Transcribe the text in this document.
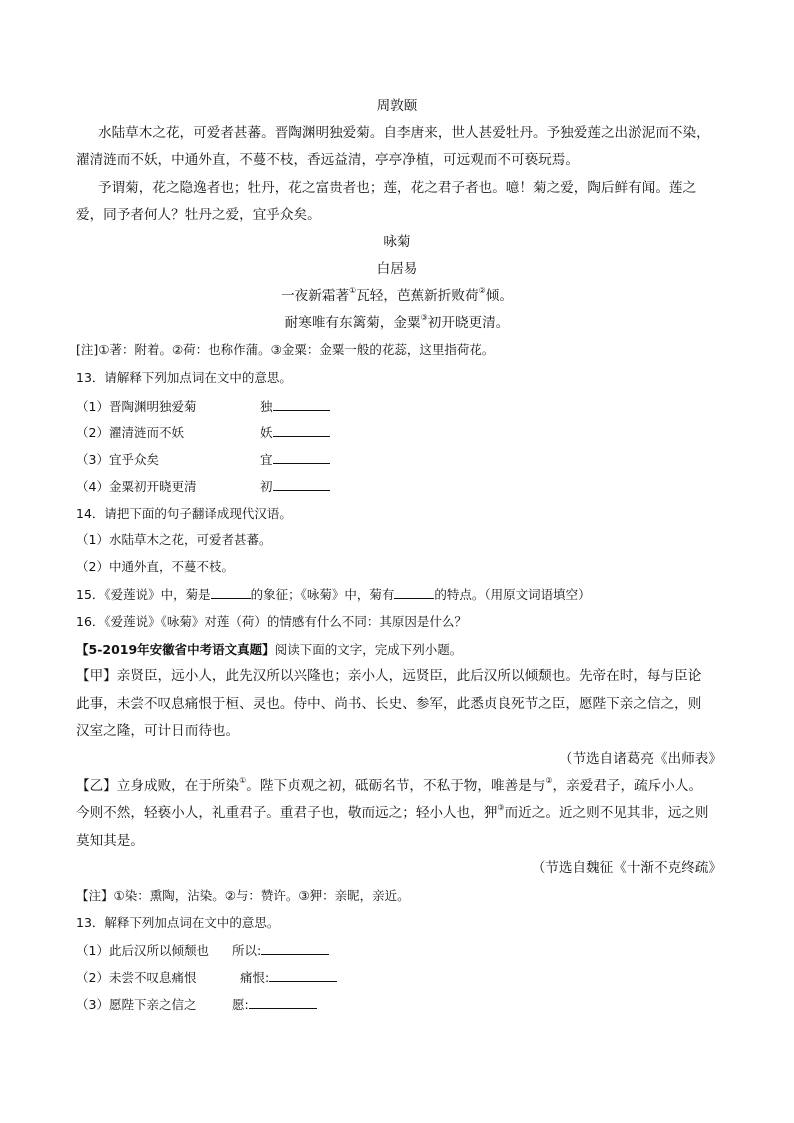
周敦颐
水陆草木之花，可爱者甚蕃。晋陶渊明独爱菊。自李唐来，世人甚爱牡丹。予独爱莲之出淤泥而不染，
濯清涟而不妖，中通外直，不蔓不枝，香远益清，亭亭净植，可远观而不可亵玩焉。
予谓菊，花之隐逸者也；牡丹，花之富贵者也；莲，花之君子者也。噫！菊之爱，陶后鲜有闻。莲之
爱，同予者何人？牡丹之爱，宜乎众矣。
咏菊
白居易
一夜新霜著①瓦轻，芭蕉新折败荷②倾。
耐寒唯有东篱菊，金粟③初开晓更清。
[注]①著：附着。②荷：也称作蒲。③金粟：金粟一般的花蕊，这里指荷花。
13．请解释下列加点词在文中的意思。
（1）晋陶渊明独爱菊	独
（2）濯清涟而不妖	妖
（3）宜乎众矣	宜
（4）金粟初开晓更清	初
14．请把下面的句子翻译成现代汉语。
（1）水陆草木之花，可爱者甚蕃。
（2）中通外直，不蔓不枝。
15．《爱莲说》中，菊是	的象征；《咏菊》中，菊有	的特点。（用原文词语填空）
16．《爱莲说》《咏菊》对莲（荷）的情感有什么不同：其原因是什么？
【5-2019年安徽省中考语文真题】阅读下面的文字，完成下列小题。
【甲】亲贤臣，远小人，此先汉所以兴隆也；亲小人，远贤臣，此后汉所以倾颓也。先帝在时，每与臣论
此事，未尝不叹息痛恨于桓、灵也。侍中、尚书、长史、参军，此悉贞良死节之臣，愿陛下亲之信之，则
汉室之隆，可计日而待也。
（节选自诸葛亮《出师表》
【乙】立身成败，在于所染①。陛下贞观之初，砥砺名节，不私于物，唯善是与②，亲爱君子，疏斥小人。
今则不然，轻亵小人，礼重君子。重君子也，敬而远之；轻小人也，狎③而近之。近之则不见其非，远之则
莫知其是。
（节选自魏征《十渐不克终疏》
【注】①染：熏陶，沾染。②与：赞许。③狎：亲昵，亲近。
13．解释下列加点词在文中的意思。
（1）此后汉所以倾颓也 所以:
（2）未尝不叹息痛恨	痛恨:
（3）愿陛下亲之信之	愿:
